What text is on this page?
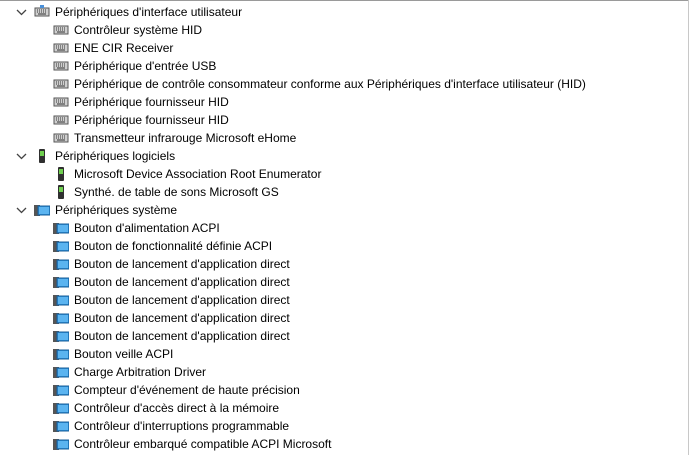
Périphériques d'interface utilisateur
Contrôleur système HID
ENE CIR Receiver
Périphérique d'entrée USB
Périphérique de contrôle consommateur conforme aux Périphériques d'interface utilisateur (HID)
Périphérique fournisseur HID
Périphérique fournisseur HID
Transmetteur infrarouge Microsoft eHome
Périphériques logiciels
Microsoft Device Association Root Enumerator
Synthé. de table de sons Microsoft GS
Périphériques système
Bouton d'alimentation ACPI
Bouton de fonctionnalité définie ACPI
Bouton de lancement d'application direct
Bouton de lancement d'application direct
Bouton de lancement d'application direct
Bouton de lancement d'application direct
Bouton de lancement d'application direct
Bouton veille ACPI
Charge Arbitration Driver
Compteur d'événement de haute précision
Contrôleur d'accès direct à la mémoire
Contrôleur d'interruptions programmable
Contrôleur embarqué compatible ACPI Microsoft
